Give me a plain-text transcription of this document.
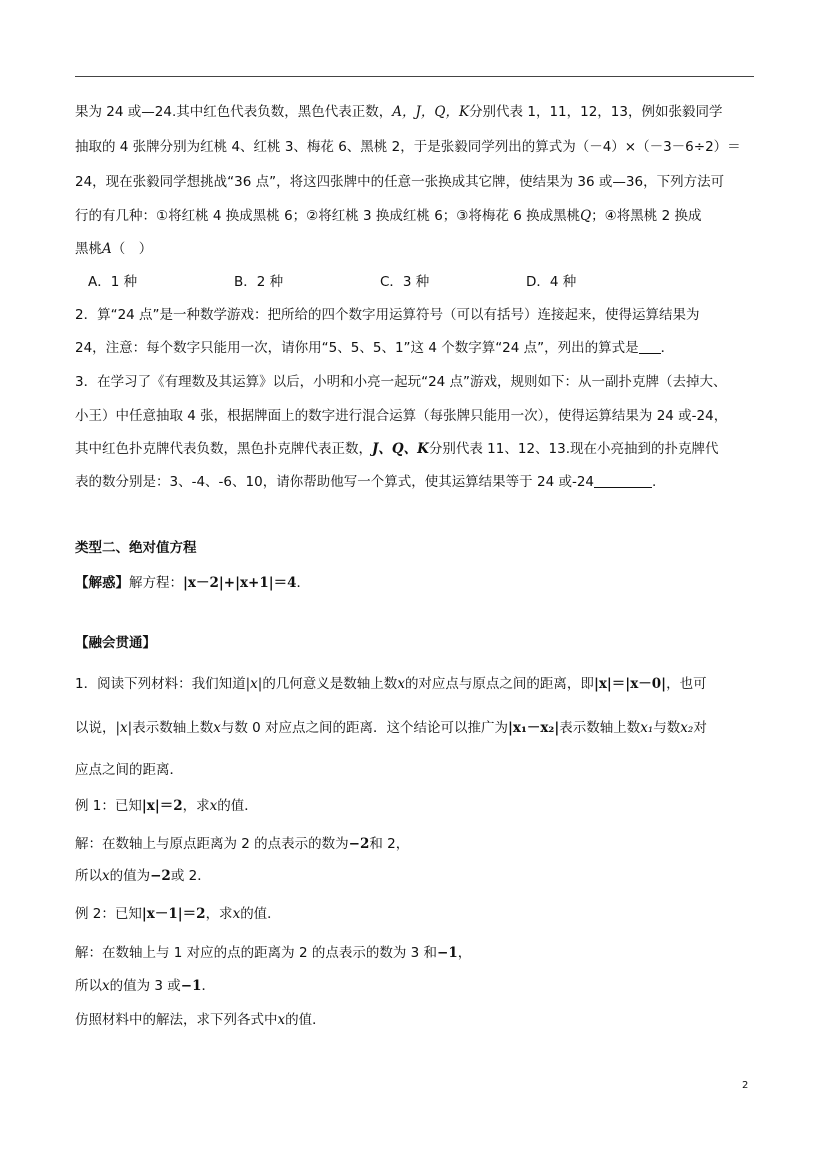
果为 24 或—24.其中红色代表负数，黑色代表正数，A，J，Q，K分别代表 1，11，12，13，例如张毅同学
抽取的 4 张牌分别为红桃 4、红桃 3、梅花 6、黑桃 2，于是张毅同学列出的算式为（－4）×（－3－6÷2）＝
24，现在张毅同学想挑战“36 点”，将这四张牌中的任意一张换成其它牌，使结果为 36 或—36，下列方法可
行的有几种：①将红桃 4 换成黑桃 6；②将红桃 3 换成红桃 6；③将梅花 6 换成黑桃Q；④将黑桃 2 换成
黑桃A（　）
A．1 种	B．2 种	C．3 种	D．4 种
2．算“24 点”是一种数学游戏：把所给的四个数字用运算符号（可以有括号）连接起来，使得运算结果为
24，注意：每个数字只能用一次，请你用“5、5、5、1”这 4 个数字算“24 点”，列出的算式是 ．
3．在学习了《有理数及其运算》以后，小明和小亮一起玩“24 点”游戏，规则如下：从一副扑克牌（去掉大、
小王）中任意抽取 4 张，根据牌面上的数字进行混合运算（每张牌只能用一次），使得运算结果为 24 或-24，
其中红色扑克牌代表负数，黑色扑克牌代表正数，J、Q、K分别代表 11、12、13.现在小亮抽到的扑克牌代
表的数分别是：3、-4、-6、10，请你帮助他写一个算式，使其运算结果等于 24 或-24	.
类型二、绝对值方程
【解惑】解方程：|x－2|+|x+1|＝4．
【融会贯通】
1．阅读下列材料：我们知道|x|的几何意义是数轴上数x的对应点与原点之间的距离，即|x|＝|x－0|，也可
以说，|x|表示数轴上数x与数 0 对应点之间的距离．这个结论可以推广为|x₁－x₂|表示数轴上数x₁与数x₂对
应点之间的距离．
例 1：已知|x|＝2，求x的值．
解：在数轴上与原点距离为 2 的点表示的数为−2和 2，
所以x的值为−2或 2．
例 2：已知|x－1|＝2，求x的值．
解：在数轴上与 1 对应的点的距离为 2 的点表示的数为 3 和−1，
所以x的值为 3 或−1．
仿照材料中的解法，求下列各式中x的值．
2
